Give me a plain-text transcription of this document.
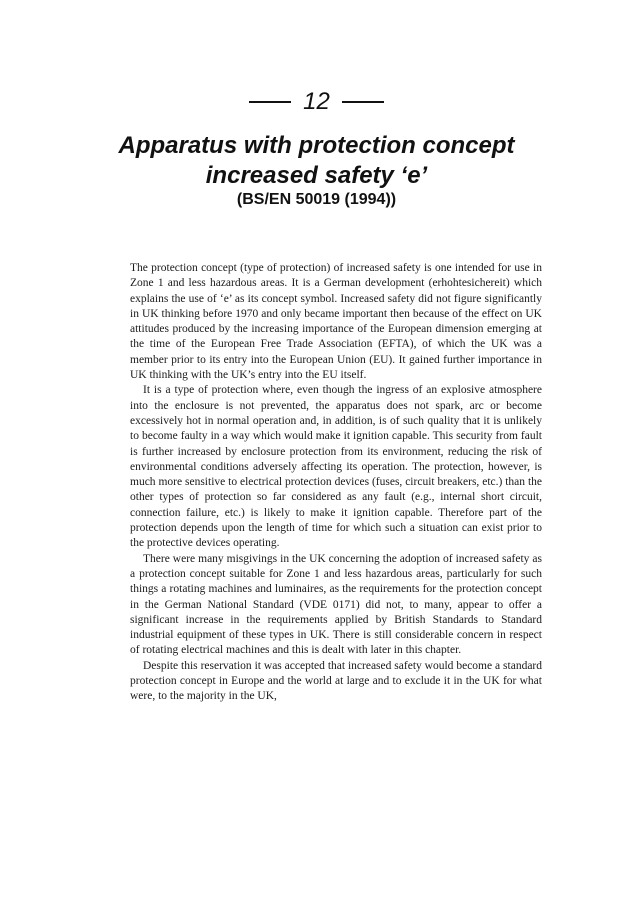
12
Apparatus with protection concept
increased safety ‘e’
(BS/EN 50019 (1994))

The protection concept (type of protection) of increased safety is one intended for use in Zone 1 and less hazardous areas. It is a German development (erhohtesichereit) which explains the use of ‘e’ as its concept symbol. Increased safety did not figure significantly in UK thinking before 1970 and only became important then because of the effect on UK attitudes produced by the increasing importance of the European dimension emerging at the time of the European Free Trade Association (EFTA), of which the UK was a member prior to its entry into the European Union (EU). It gained further importance in UK thinking with the UK’s entry into the EU itself.

It is a type of protection where, even though the ingress of an explosive atmosphere into the enclosure is not prevented, the apparatus does not spark, arc or become excessively hot in normal operation and, in addition, is of such quality that it is unlikely to become faulty in a way which would make it ignition capable. This security from fault is further increased by enclosure protection from its environment, reducing the risk of environmental conditions adversely affecting its operation. The protection, however, is much more sensitive to electrical protection devices (fuses, circuit breakers, etc.) than the other types of protection so far considered as any fault (e.g., internal short circuit, connection failure, etc.) is likely to make it ignition capable. Therefore part of the protection depends upon the length of time for which such a situation can exist prior to the protective devices operating.

There were many misgivings in the UK concerning the adoption of increased safety as a protection concept suitable for Zone 1 and less hazardous areas, particularly for such things a rotating machines and luminaires, as the requirements for the protection concept in the German National Standard (VDE 0171) did not, to many, appear to offer a significant increase in the requirements applied by British Standards to Standard industrial equipment of these types in UK. There is still considerable concern in respect of rotating electrical machines and this is dealt with later in this chapter.

Despite this reservation it was accepted that increased safety would become a standard protection concept in Europe and the world at large and to exclude it in the UK for what were, to the majority in the UK,
